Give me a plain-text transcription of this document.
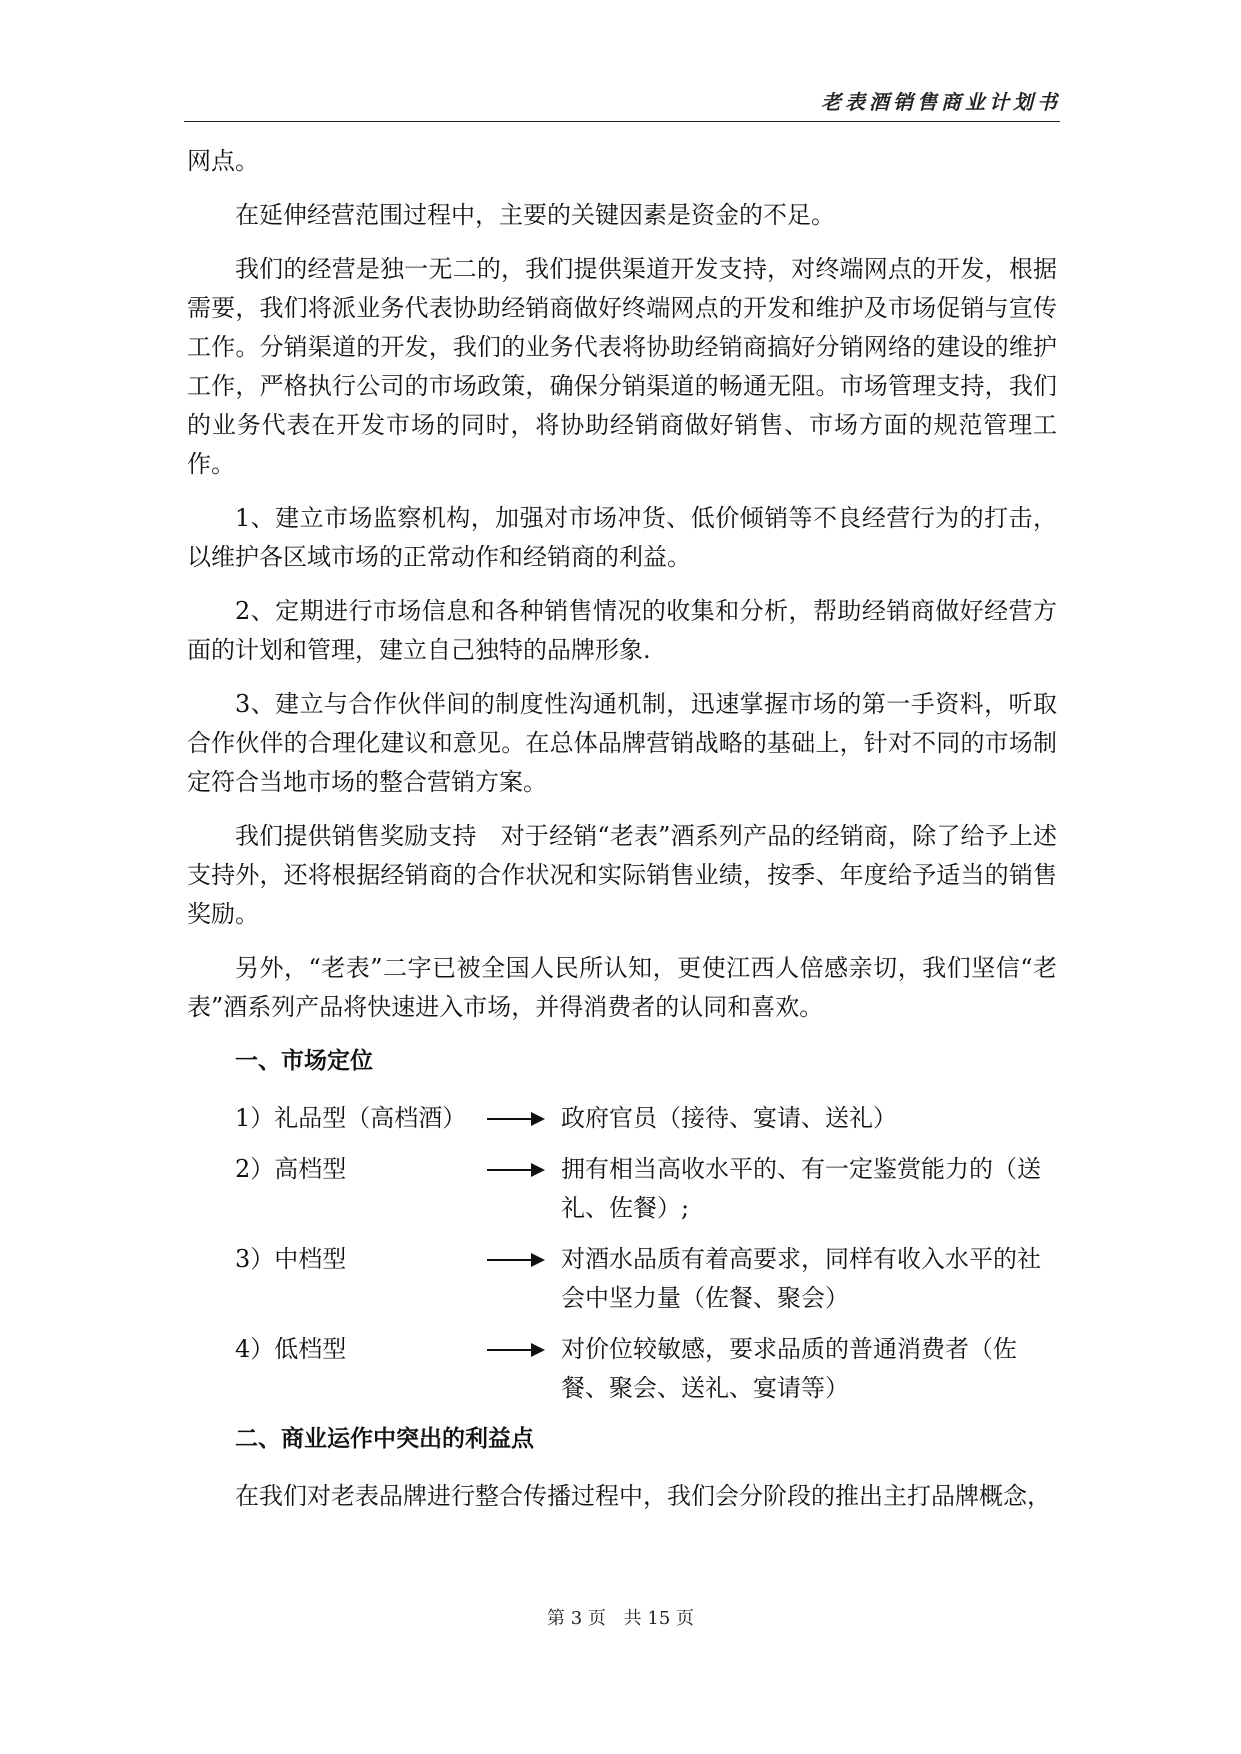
老表酒销售商业计划书

网点。

在延伸经营范围过程中，主要的关键因素是资金的不足。

我们的经营是独一无二的，我们提供渠道开发支持，对终端网点的开发，根据需要，我们将派业务代表协助经销商做好终端网点的开发和维护及市场促销与宣传工作。分销渠道的开发，我们的业务代表将协助经销商搞好分销网络的建设的维护工作，严格执行公司的市场政策，确保分销渠道的畅通无阻。市场管理支持，我们的业务代表在开发市场的同时，将协助经销商做好销售、市场方面的规范管理工作。

1、建立市场监察机构，加强对市场冲货、低价倾销等不良经营行为的打击，以维护各区域市场的正常动作和经销商的利益。

2、定期进行市场信息和各种销售情况的收集和分析，帮助经销商做好经营方面的计划和管理，建立自己独特的品牌形象.

3、建立与合作伙伴间的制度性沟通机制，迅速掌握市场的第一手资料，听取合作伙伴的合理化建议和意见。在总体品牌营销战略的基础上，针对不同的市场制定符合当地市场的整合营销方案。

我们提供销售奖励支持　对于经销“老表”酒系列产品的经销商，除了给予上述支持外，还将根据经销商的合作状况和实际销售业绩，按季、年度给予适当的销售奖励。

另外，“老表”二字已被全国人民所认知，更使江西人倍感亲切，我们坚信“老表”酒系列产品将快速进入市场，并得消费者的认同和喜欢。

一、市场定位
1）礼品型（高档酒）	政府官员（接待、宴请、送礼）
2）高档型	拥有相当高收水平的、有一定鉴赏能力的（送礼、佐餐）;
3）中档型	对酒水品质有着高要求，同样有收入水平的社会中坚力量（佐餐、聚会）
4）低档型	对价位较敏感，要求品质的普通消费者（佐餐、聚会、送礼、宴请等）
二、商业运作中突出的利益点

在我们对老表品牌进行整合传播过程中，我们会分阶段的推出主打品牌概念，

第 3 页 共 15 页
